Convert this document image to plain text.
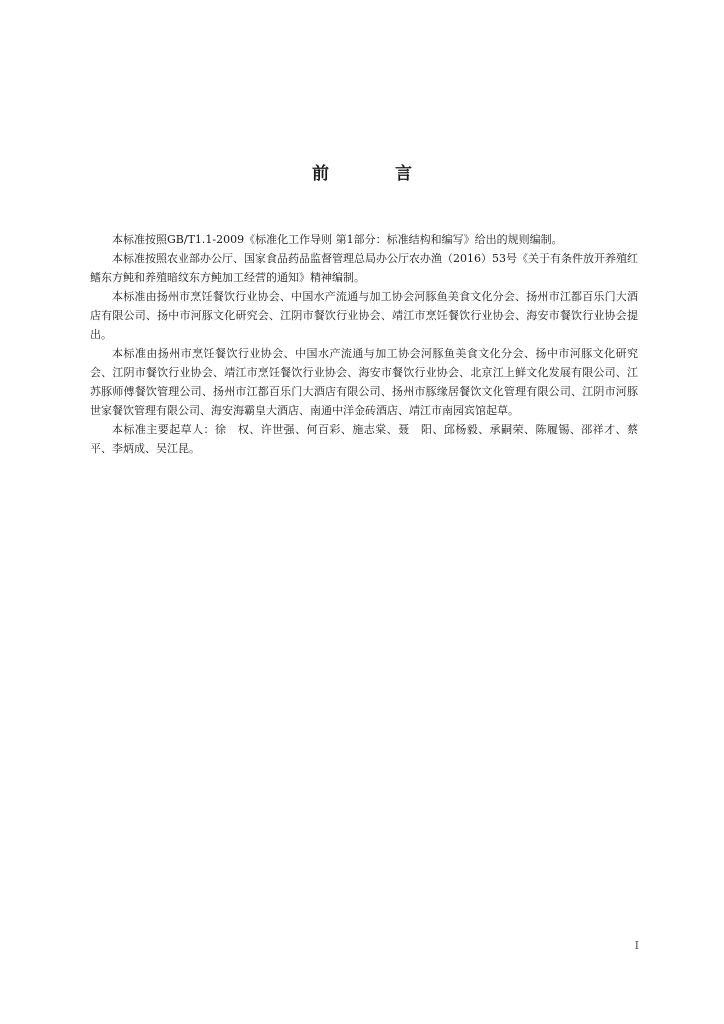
前 言

本标准按照GB/T1.1-2009《标准化工作导则 第1部分：标准结构和编写》给出的规则编制。

本标准按照农业部办公厅、国家食品药品监督管理总局办公厅农办渔（2016）53号《关于有条件放开养殖红鳍东方鲀和养殖暗纹东方鲀加工经营的通知》精神编制。

本标准由扬州市烹饪餐饮行业协会、中国水产流通与加工协会河豚鱼美食文化分会、扬州市江都百乐门大酒店有限公司、扬中市河豚文化研究会、江阴市餐饮行业协会、靖江市烹饪餐饮行业协会、海安市餐饮行业协会提出。

本标准由扬州市烹饪餐饮行业协会、中国水产流通与加工协会河豚鱼美食文化分会、扬中市河豚文化研究会、江阴市餐饮行业协会、靖江市烹饪餐饮行业协会、海安市餐饮行业协会、北京江上鲜文化发展有限公司、江苏豚师傅餐饮管理公司、扬州市江都百乐门大酒店有限公司、扬州市豚缘居餐饮文化管理有限公司、江阴市河豚世家餐饮管理有限公司、海安海霸皇大酒店、南通中洋金砖酒店、靖江市南园宾馆起草。

本标准主要起草人：徐　权、许世强、何百彩、施志棠、聂　阳、邱杨毅、承嗣荣、陈履锡、邵祥才、蔡　平、李炳成、吴江昆。

I
